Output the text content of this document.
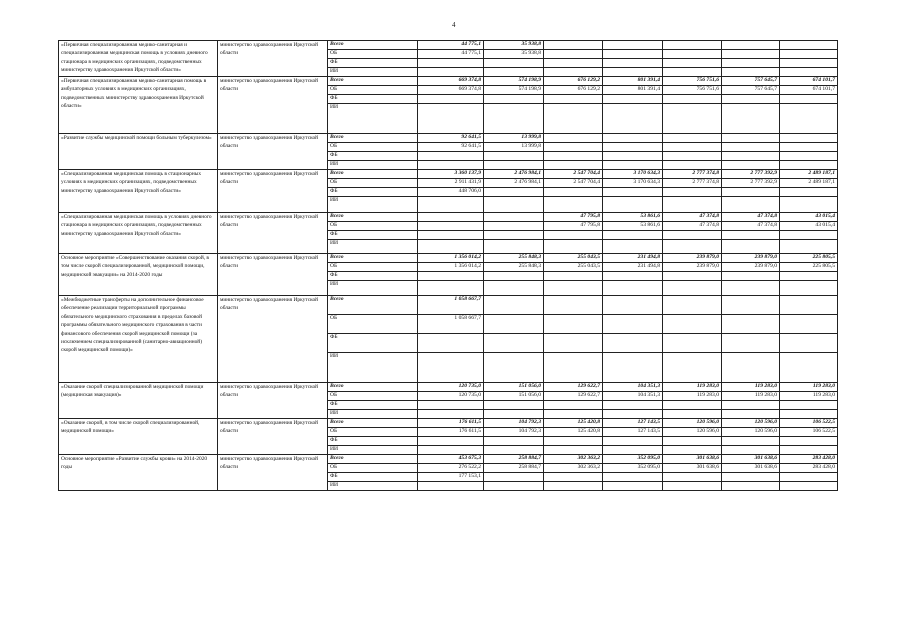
4
«Первичная специализированная медико-санитарная и специализированная медицинская помощь в условиях дневного стационара в медицинских организациях, подведомственных министерству здравоохранения Иркутской области»	министерство здравоохранения Иркутской области	Всего	44 775,1	35 938,8					
		ОБ	44 775,1	35 938,8					
		ФБ							
		ИИ							
«Первичная специализированная медико-санитарная помощь в амбулаторных условиях в медицинских организациях, подведомственных министерству здравоохранения Иркутской области»	министерство здравоохранения Иркутской области	Всего	669 374,8	574 198,9	676 129,2	801 391,4	756 751,6	757 645,7	674 101,7
		ОБ	669 374,8	574 198,9	676 129,2	801 391,4	756 751,6	757 645,7	674 101,7
		ФБ							
		ИИ							
«Развитие службы медицинской помощи больным туберкулезом»	министерство здравоохранения Иркутской области	Всего	92 641,5	13 999,8					
		ОБ	92 641,5	13 999,8					
		ФБ							
		ИИ							
«Специализированная медицинская помощь в стационарных условиях в медицинских организациях, подведомственных министерству здравоохранения Иркутской области»	министерство здравоохранения Иркутской области	Всего	3 360 137,9	2 476 984,1	2 547 704,4	3 170 634,3	2 777 374,8	2 777 392,9	2 489 187,1
		ОБ	2 911 431,9	2 476 984,1	2 547 704,4	3 170 634,3	2 777 374,8	2 777 392,9	2 489 187,1
		ФБ	448 706,0						
		ИИ							
«Специализированная медицинская помощь в условиях дневного стационара в медицинских организациях, подведомственных министерству здравоохранения Иркутской области»	министерство здравоохранения Иркутской области	Всего			47 795,8	53 861,6	47 374,8	47 374,8	43 015,4
		ОБ			47 795,8	53 861,6	47 374,8	47 374,8	43 015,4
		ФБ							
		ИИ							
Основное мероприятие «Совершенствование оказания скорой, в том числе скорой специализированной, медицинской помощи, медицинской эвакуации» на 2014-2020 годы	министерство здравоохранения Иркутской области	Всего	1 356 014,2	255 848,3	255 043,5	231 494,8	239 879,0	239 879,0	225 805,5
		ОБ	1 356 014,2	255 848,3	255 043,5	231 494,8	239 879,0	239 879,0	225 805,5
		ФБ							
		ИИ							
«Межбюджетные трансферты на дополнительное финансовое обеспечение реализации территориальной программы обязательного медицинского страхования в пределах базовой программы обязательного медицинского страхования в части финансового обеспечения скорой медицинской помощи (за исключением специализированной (санитарно-авиационной) скорой медицинской помощи)»	министерство здравоохранения Иркутской области	Всего	1 058 667,7						
		ОБ	1 058 667,7						
		ФБ							
		ИИ							
«Оказание скорой специализированной медицинской помощи (медицинская эвакуация)»	министерство здравоохранения Иркутской области	Всего	120 735,0	151 056,0	129 622,7	104 351,3	119 283,0	119 283,0	119 283,0
		ОБ	120 735,0	151 056,0	129 622,7	104 351,3	119 283,0	119 283,0	119 283,0
		ФБ							
		ИИ							
«Оказание скорой, в том числе скорой специализированной, медицинской помощи»	министерство здравоохранения Иркутской области	Всего	176 611,5	104 792,3	125 420,8	127 143,5	120 596,0	120 596,0	106 522,5
		ОБ	176 611,5	104 792,3	125 420,8	127 143,5	120 596,0	120 596,0	106 522,5
		ФБ							
		ИИ							
Основное мероприятие «Развитие службы крови» на 2014-2020 годы	министерство здравоохранения Иркутской области	Всего	453 675,3	258 884,7	302 363,2	352 095,0	301 638,6	301 638,6	283 428,0
		ОБ	276 522,2	258 884,7	302 363,2	352 095,0	301 638,6	301 638,6	283 428,0
		ФБ	177 153,1						
		ИИ							
